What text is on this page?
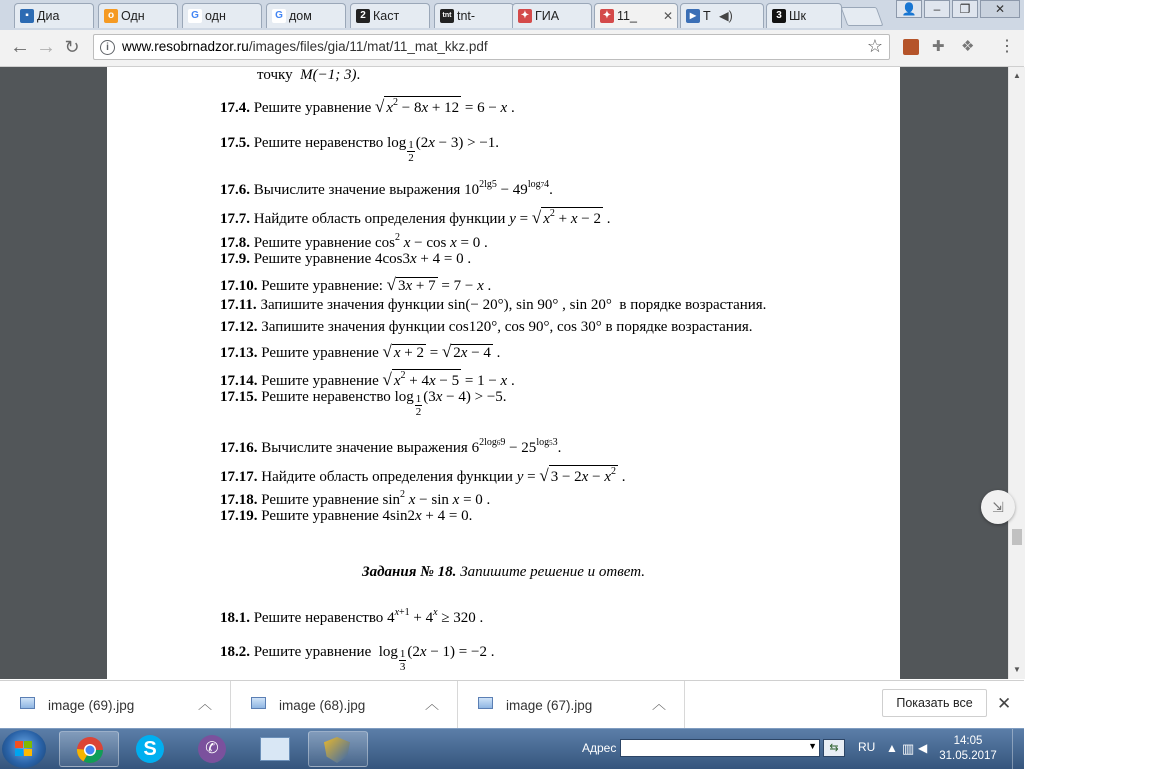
▪ Диа	о Одн	G одн	G дом	2 Каст	tnt tnt-	✦ ГИА	✦ 11_ ✕	▶ Т ◀)	3 Шк	👤	–	❐	✕
← → ↻	i www.resobrnadzor.ru/images/files/gia/11/mat/11_mat_kkz.pdf	☆	✚ ❖ ⋮
точку M(−1; 3).
17.4. Решите уравнение √ $x^2 - 8x + 12 = 6 - x$ .
17.5. Решите неравенство $\log \frac{1}{2} (2x - 3) > -1$.
17.6. Вычислите значение выражения $10^{2lg5} - 49^{log74}$.
17.7. Найдите область определения функции y = √ $x^2 + x - 2$ .
17.8. Решите уравнение $\cos^2 x - \cos x = 0$ .
17.9. Решите уравнение 4cos3x + 4 = 0 .
17.10. Решите уравнение: √ 3x + 7 = 7 − x .
17.11. Запишите значения функции sin(− 20°), sin 90° , sin 20°  в порядке возрастания.
17.12. Запишите значения функции cos120°, cos 90°, cos 30° в порядке возрастания.
17.13. Решите уравнение √ x + 2 = √ 2x − 4 .
17.14. Решите уравнение √ $x^2 + 4x - 5 = 1 - x$ .
17.15. Решите неравенство $\log \frac{1}{2} (3x - 4) > -5$.
17.16. Вычислите значение выражения $6^{2log69} - 25^{log53}$.
17.17. Найдите область определения функции y = √ $3 - 2x - x^2$ .
17.18. Решите уравнение $\sin^2 x - \sin x = 0$ .
17.19. Решите уравнение 4sin2x + 4 = 0.
Задания № 18. Запишите решение и ответ.
18.1. Решите неравенство $4^{x+1} + 4^x \ge 320$ .
18.2. Решите уравнение  $\log \frac{1}{3} (2x - 1) = -2$ .
▲
▼
⇲
image (69).jpg	︿	image (68).jpg	︿	image (67).jpg	︿	Показать все	✕
S	✆	Адрес	▼	⇆	RU ▲ ▥ ◀	14:05
31.05.2017
